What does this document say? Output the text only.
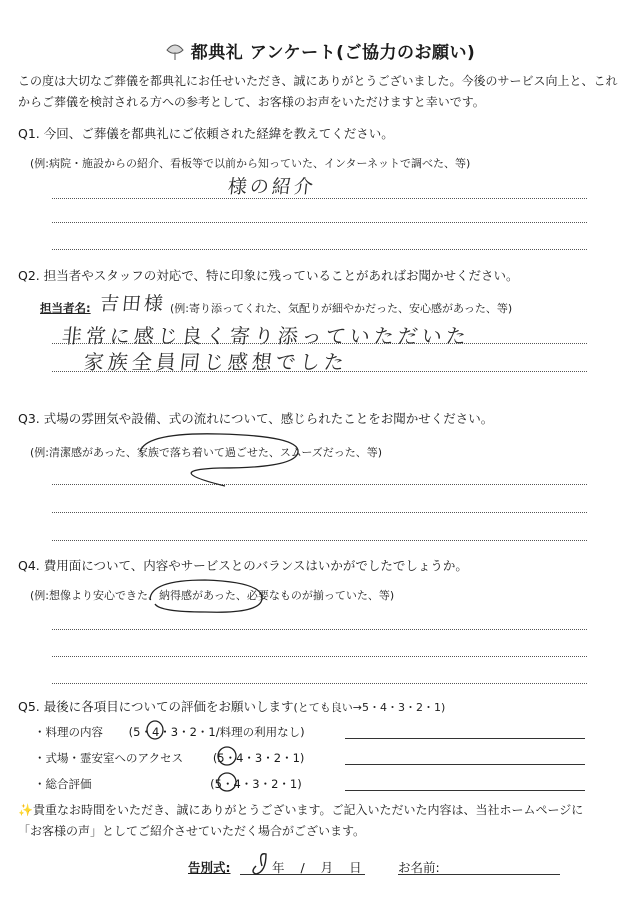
都典礼 アンケート(ご協力のお願い)
この度は大切なご葬儀を都典礼にお任せいただき、誠にありがとうございました。今後のサービス向上と、これ
からご葬儀を検討される方への参考として、お客様のお声をいただけますと幸いです。
Q1. 今回、ご葬儀を都典礼にご依頼された経緯を教えてください。
(例:病院・施設からの紹介、看板等で以前から知っていた、インターネットで調べた、等)
様の紹介
Q2. 担当者やスタッフの対応で、特に印象に残っていることがあればお聞かせください。
担当者名: 吉田様 (例:寄り添ってくれた、気配りが細やかだった、安心感があった、等)
非常に感じ良く寄り添っていただいた
家族全員同じ感想でした
Q3. 式場の雰囲気や設備、式の流れについて、感じられたことをお聞かせください。
(例:清潔感があった、家族で落ち着いて過ごせた、スムーズだった、等)
Q4. 費用面について、内容やサービスとのバランスはいかがでしたでしょうか。
(例:想像より安心できた、納得感があった、必要なものが揃っていた、等)
Q5. 最後に各項目についての評価をお願いします(とても良い→5・4・3・2・1)
・料理の内容 (5・4・3・2・1/料理の利用なし)
・式場・霊安室へのアクセス	(5・4・3・2・1)
・総合評価	(5・4・3・2・1)
✨貴重なお時間をいただき、誠にありがとうございます。ご記入いただいた内容は、当社ホームページに
「お客様の声」としてご紹介させていただく場合がございます。
告別式:	年 / 月 日 お名前:
